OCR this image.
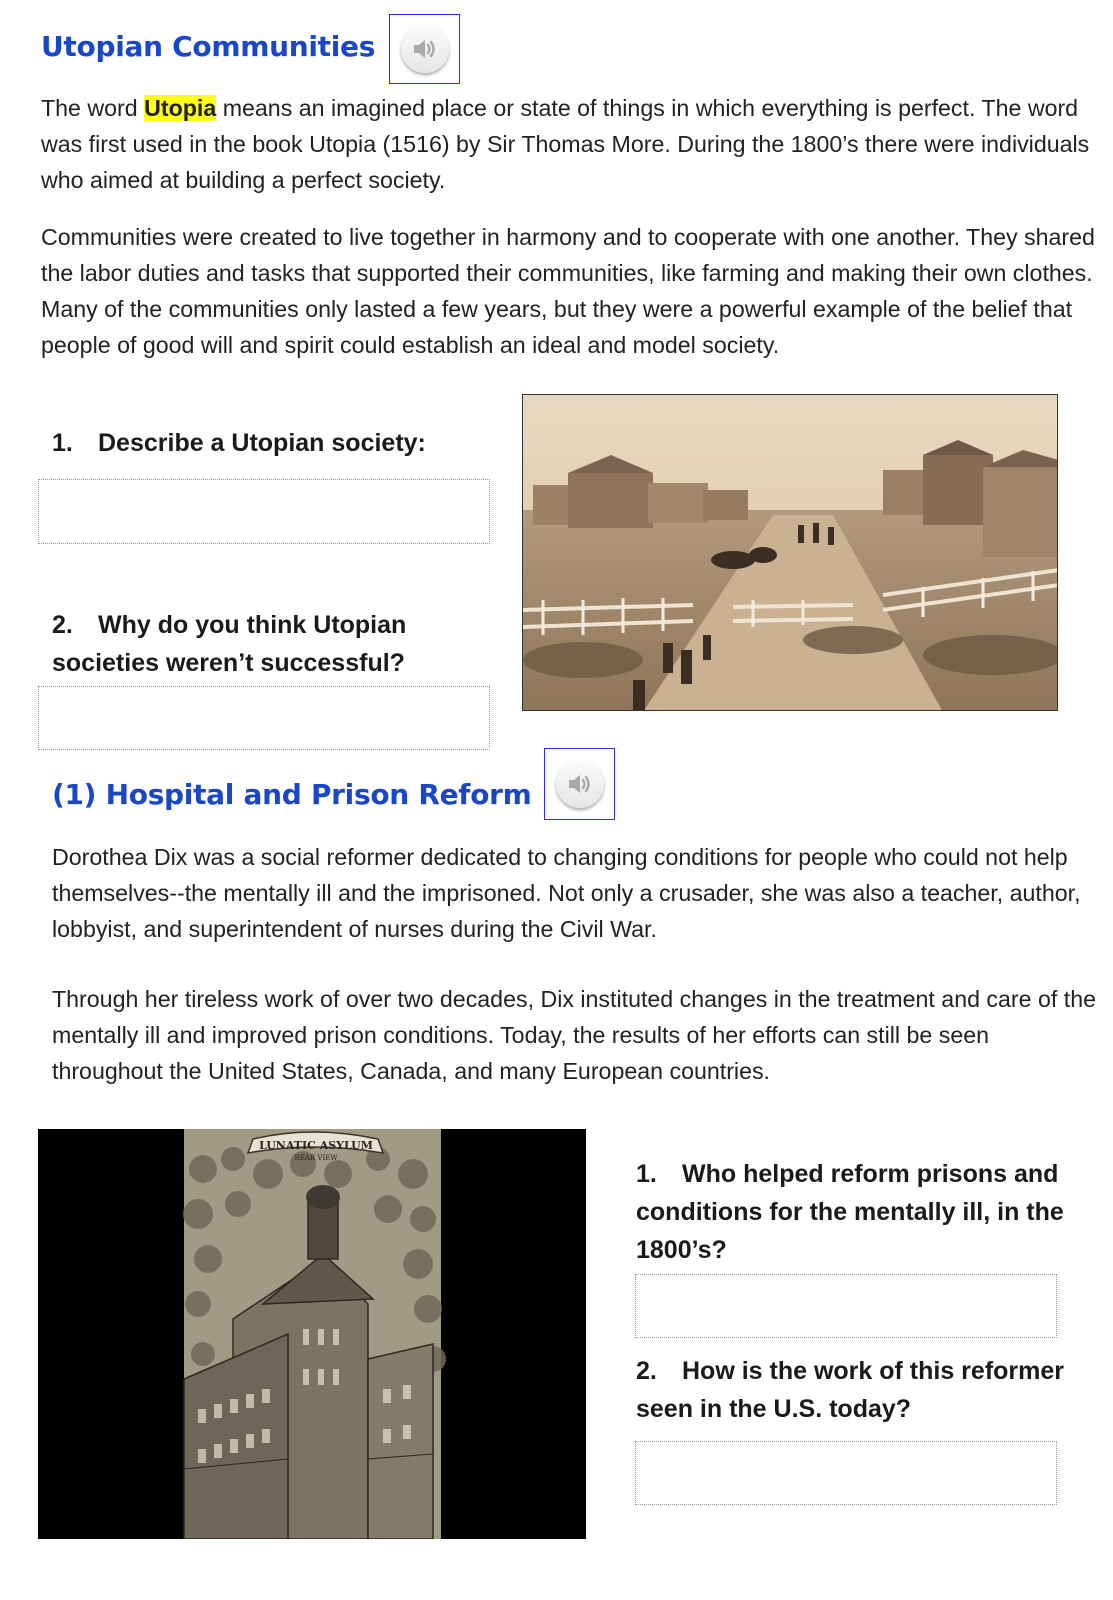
Utopian Communities

The word Utopia means an imagined place or state of things in which everything is perfect. The word was first used in the book Utopia (1516) by Sir Thomas More. During the 1800’s there were individuals who aimed at building a perfect society.

Communities were created to live together in harmony and to cooperate with one another. They shared the labor duties and tasks that supported their communities, like farming and making their own clothes. Many of the communities only lasted a few years, but they were a powerful example of the belief that people of good will and spirit could establish an ideal and model society.

1. Describe a Utopian society:
2. Why do you think Utopian societies weren’t successful?
(1) Hospital and Prison Reform

Dorothea Dix was a social reformer dedicated to changing conditions for people who could not help themselves--the mentally ill and the imprisoned. Not only a crusader, she was also a teacher, author, lobbyist, and superintendent of nurses during the Civil War.

Through her tireless work of over two decades, Dix instituted changes in the treatment and care of the mentally ill and improved prison conditions. Today, the results of her efforts can still be seen throughout the United States, Canada, and many European countries.

LUNATIC ASYLUM
REAR VIEW
1. Who helped reform prisons and conditions for the mentally ill, in the 1800’s?
2. How is the work of this reformer seen in the U.S. today?
